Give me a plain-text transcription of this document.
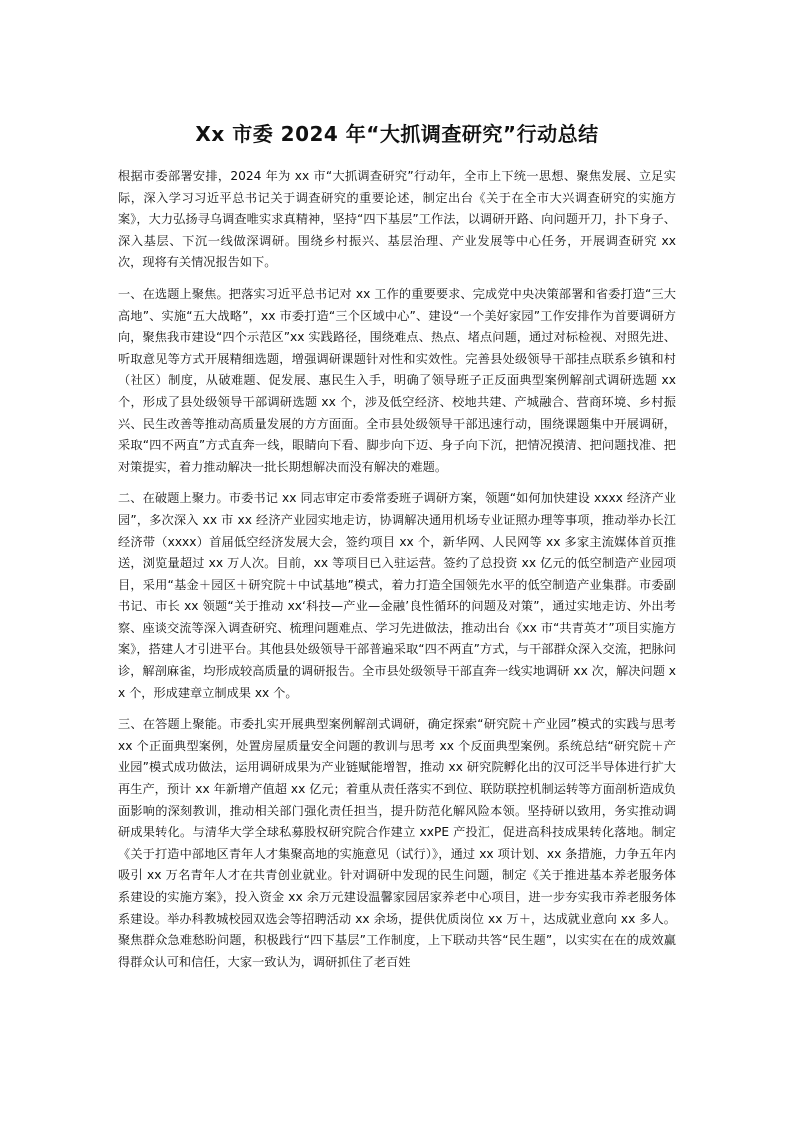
Xx 市委 2024 年“大抓调查研究”行动总结

根据市委部署安排，2024 年为 xx 市“大抓调查研究”行动年，全市上下统一思想、聚焦发展、立足实际，深入学习习近平总书记关于调查研究的重要论述，制定出台《关于在全市大兴调查研究的实施方案》，大力弘扬寻乌调查唯实求真精神，坚持“四下基层”工作法，以调研开路、向问题开刀，扑下身子、深入基层、下沉一线做深调研。围绕乡村振兴、基层治理、产业发展等中心任务，开展调查研究 xx 次，现将有关情况报告如下。

一、在选题上聚焦。把落实习近平总书记对 xx 工作的重要要求、完成党中央决策部署和省委打造“三大高地”、实施“五大战略”，xx 市委打造“三个区域中心”、建设“一个美好家园”工作安排作为首要调研方向，聚焦我市建设“四个示范区”xx 实践路径，围绕难点、热点、堵点问题，通过对标检视、对照先进、听取意见等方式开展精细选题，增强调研课题针对性和实效性。完善县处级领导干部挂点联系乡镇和村（社区）制度，从破难题、促发展、惠民生入手，明确了领导班子正反面典型案例解剖式调研选题 xx 个，形成了县处级领导干部调研选题 xx 个，涉及低空经济、校地共建、产城融合、营商环境、乡村振兴、民生改善等推动高质量发展的方方面面。全市县处级领导干部迅速行动，围绕课题集中开展调研，采取“四不两直”方式直奔一线，眼睛向下看、脚步向下迈、身子向下沉，把情况摸清、把问题找准、把对策提实，着力推动解决一批长期想解决而没有解决的难题。

二、在破题上聚力。市委书记 xx 同志审定市委常委班子调研方案，领题“如何加快建设 xxxx 经济产业园”，多次深入 xx 市 xx 经济产业园实地走访，协调解决通用机场专业证照办理等事项，推动举办长江经济带（xxxx）首届低空经济发展大会，签约项目 xx 个，新华网、人民网等 xx 多家主流媒体首页推送，浏览量超过 xx 万人次。目前，xx 等项目已入驻运营。签约了总投资 xx 亿元的低空制造产业园项目，采用“基金＋园区＋研究院＋中试基地”模式，着力打造全国领先水平的低空制造产业集群。市委副书记、市长 xx 领题“关于推动 xx‘科技—产业—金融’良性循环的问题及对策”，通过实地走访、外出考察、座谈交流等深入调查研究、梳理问题难点、学习先进做法，推动出台《xx 市“共青英才”项目实施方案》，搭建人才引进平台。其他县处级领导干部普遍采取“四不两直”方式，与干部群众深入交流，把脉问诊，解剖麻雀，均形成较高质量的调研报告。全市县处级领导干部直奔一线实地调研 xx 次，解决问题 xx 个，形成建章立制成果 xx 个。

三、在答题上聚能。市委扎实开展典型案例解剖式调研，确定探索“研究院＋产业园”模式的实践与思考 xx 个正面典型案例，处置房屋质量安全问题的教训与思考 xx 个反面典型案例。系统总结“研究院＋产业园”模式成功做法，运用调研成果为产业链赋能增智，推动 xx 研究院孵化出的汉可泛半导体进行扩大再生产，预计 xx 年新增产值超 xx 亿元；着重从责任落实不到位、联防联控机制运转等方面剖析造成负面影响的深刻教训，推动相关部门强化责任担当，提升防范化解风险本领。坚持研以致用，务实推动调研成果转化。与清华大学全球私募股权研究院合作建立 xxPE 产投汇，促进高科技成果转化落地。制定《关于打造中部地区青年人才集聚高地的实施意见（试行）》，通过 xx 项计划、xx 条措施，力争五年内吸引 xx 万名青年人才在共青创业就业。针对调研中发现的民生问题，制定《关于推进基本养老服务体系建设的实施方案》，投入资金 xx 余万元建设温馨家园居家养老中心项目，进一步夯实我市养老服务体系建设。举办科教城校园双选会等招聘活动 xx 余场，提供优质岗位 xx 万＋，达成就业意向 xx 多人。聚焦群众急难愁盼问题，积极践行“四下基层”工作制度，上下联动共答“民生题”，以实实在在的成效赢得群众认可和信任，大家一致认为，调研抓住了老百姓
